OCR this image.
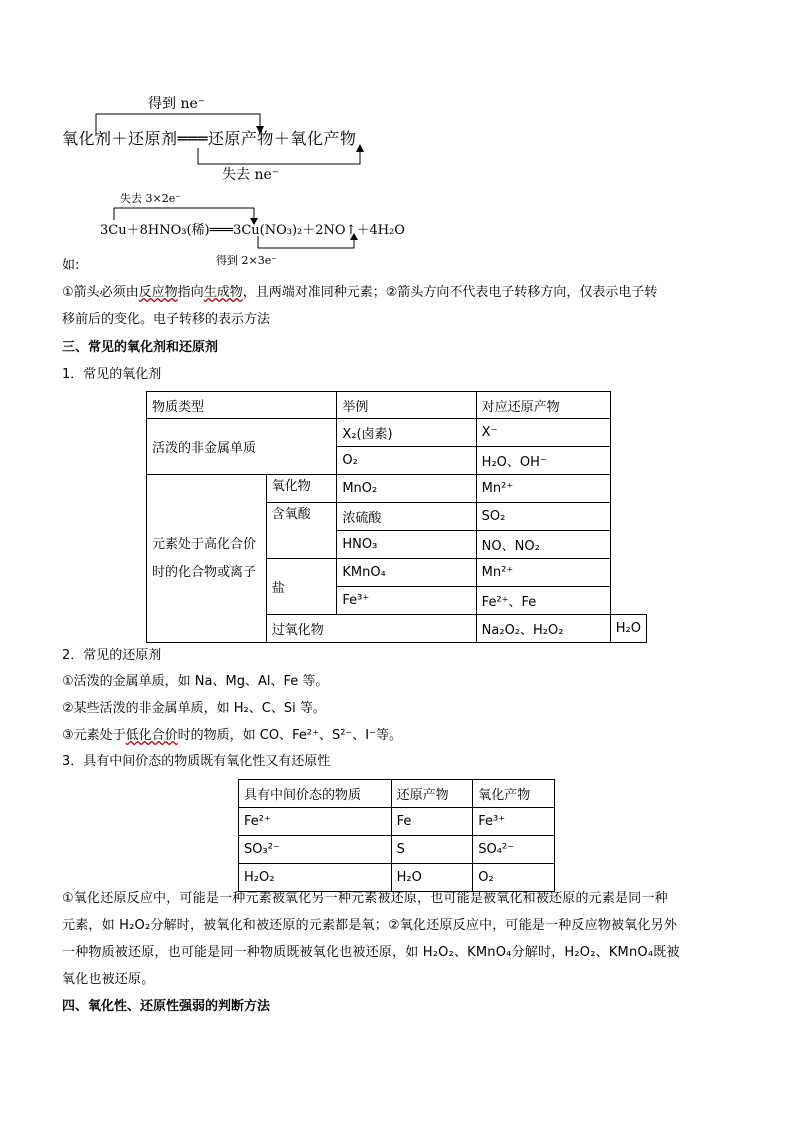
得到 ne⁻
氧化剂＋还原剂═══还原产物＋氧化产物
失去 ne⁻
失去 3×2e⁻
3Cu＋8HNO₃(稀)═══3Cu(NO₃)₂＋2NO↑＋4H₂O
得到 2×3e⁻
如:
①箭头必须由反应物指向生成物，且两端对准同种元素；②箭头方向不代表电子转移方向，仅表示电子转
移前后的变化。电子转移的表示方法
三、常见的氧化剂和还原剂
1．常见的氧化剂
物质类型		举例	对应还原产物	
活泼的非金属单质		X₂(卤素)	X⁻	
		O₂	H₂O、OH⁻	

元素处于高化合价时的化合物或离子	氧化物	MnO₂	Mn²⁺	
	含氧酸	浓硫酸	SO₂	
		HNO₃	NO、NO₂	
	盐	KMnO₄	Mn²⁺	
		Fe³⁺	Fe²⁺、Fe	
	过氧化物		Na₂O₂、H₂O₂	H₂O
2．常见的还原剂
①活泼的金属单质，如 Na、Mg、Al、Fe 等。
②某些活泼的非金属单质，如 H₂、C、Si 等。
③元素处于低化合价时的物质，如 CO、Fe²⁺、S²⁻、I⁻等。
3．具有中间价态的物质既有氧化性又有还原性
具有中间价态的物质	还原产物	氧化产物
Fe²⁺	Fe	Fe³⁺
SO₃²⁻	S	SO₄²⁻
H₂O₂	H₂O	O₂
①氧化还原反应中，可能是一种元素被氧化另一种元素被还原，也可能是被氧化和被还原的元素是同一种
元素，如 H₂O₂分解时，被氧化和被还原的元素都是氧；②氧化还原反应中，可能是一种反应物被氧化另外
一种物质被还原，也可能是同一种物质既被氧化也被还原，如 H₂O₂、KMnO₄分解时，H₂O₂、KMnO₄既被
氧化也被还原。
四、氧化性、还原性强弱的判断方法
